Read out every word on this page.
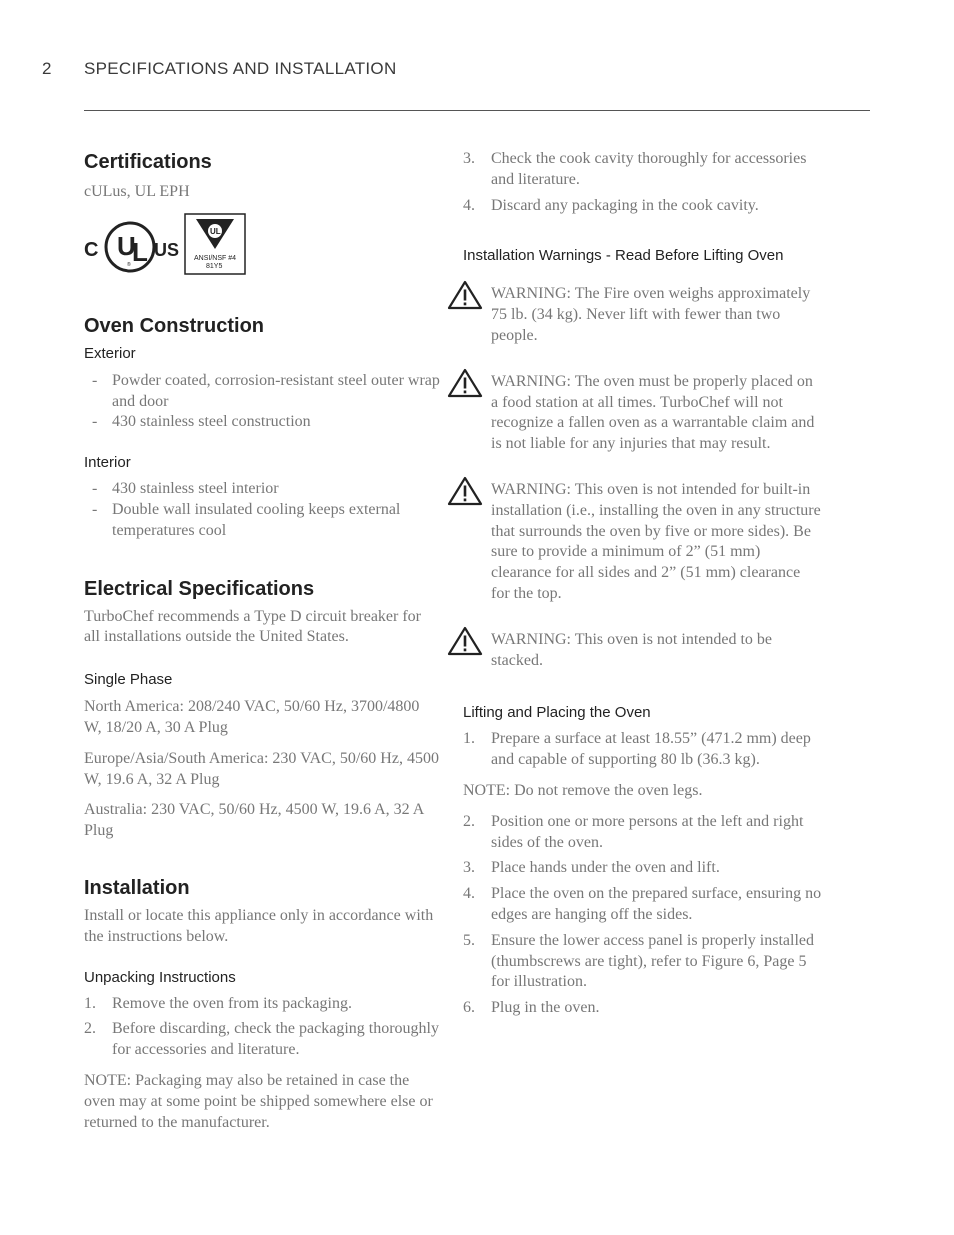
2 SPECIFICATIONS AND INSTALLATION
Certifications

cULus, UL EPH

C U
L
®
US
UL
ANSI/NSF #4
81Y5
Oven Construction
Exterior
- Powder coated, corrosion-resistant steel outer wrap and door
- 430 stainless steel construction
Interior
- 430 stainless steel interior
- Double wall insulated cooling keeps external temperatures cool
Electrical Specifications

TurboChef recommends a Type D circuit breaker for all installations outside the United States.

Single Phase

North America: 208/240 VAC, 50/60 Hz, 3700/4800 W, 18/20 A, 30 A Plug

Europe/Asia/South America: 230 VAC, 50/60 Hz, 4500 W, 19.6 A, 32 A Plug

Australia: 230 VAC, 50/60 Hz, 4500 W, 19.6 A, 32 A Plug

Installation

Install or locate this appliance only in accordance with the instructions below.

Unpacking Instructions
1.	Remove the oven from its packaging.
2.	Before discarding, check the packaging thoroughly for accessories and literature.

NOTE: Packaging may also be retained in case the oven may at some point be shipped somewhere else or returned to the manufacturer.

3.	Check the cook cavity thoroughly for accessories and literature.
4.	Discard any packaging in the cook cavity.
Installation Warnings - Read Before Lifting Oven
WARNING: The Fire oven weighs approximately 75 lb. (34 kg). Never lift with fewer than two people.
WARNING: The oven must be properly placed on a food station at all times. TurboChef will not recognize a fallen oven as a warrantable claim and is not liable for any injuries that may result.
WARNING: This oven is not intended for built-in installation (i.e., installing the oven in any structure that surrounds the oven by five or more sides). Be sure to provide a minimum of 2” (51 mm) clearance for all sides and 2” (51 mm) clearance for the top.
WARNING: This oven is not intended to be stacked.
Lifting and Placing the Oven
1.	Prepare a surface at least 18.55” (471.2 mm) deep and capable of supporting 80 lb (36.3 kg).

NOTE: Do not remove the oven legs.

2.	Position one or more persons at the left and right sides of the oven.
3.	Place hands under the oven and lift.
4.	Place the oven on the prepared surface, ensuring no edges are hanging off the sides.
5.	Ensure the lower access panel is properly installed (thumbscrews are tight), refer to Figure 6, Page 5 for illustration.
6.	Plug in the oven.
